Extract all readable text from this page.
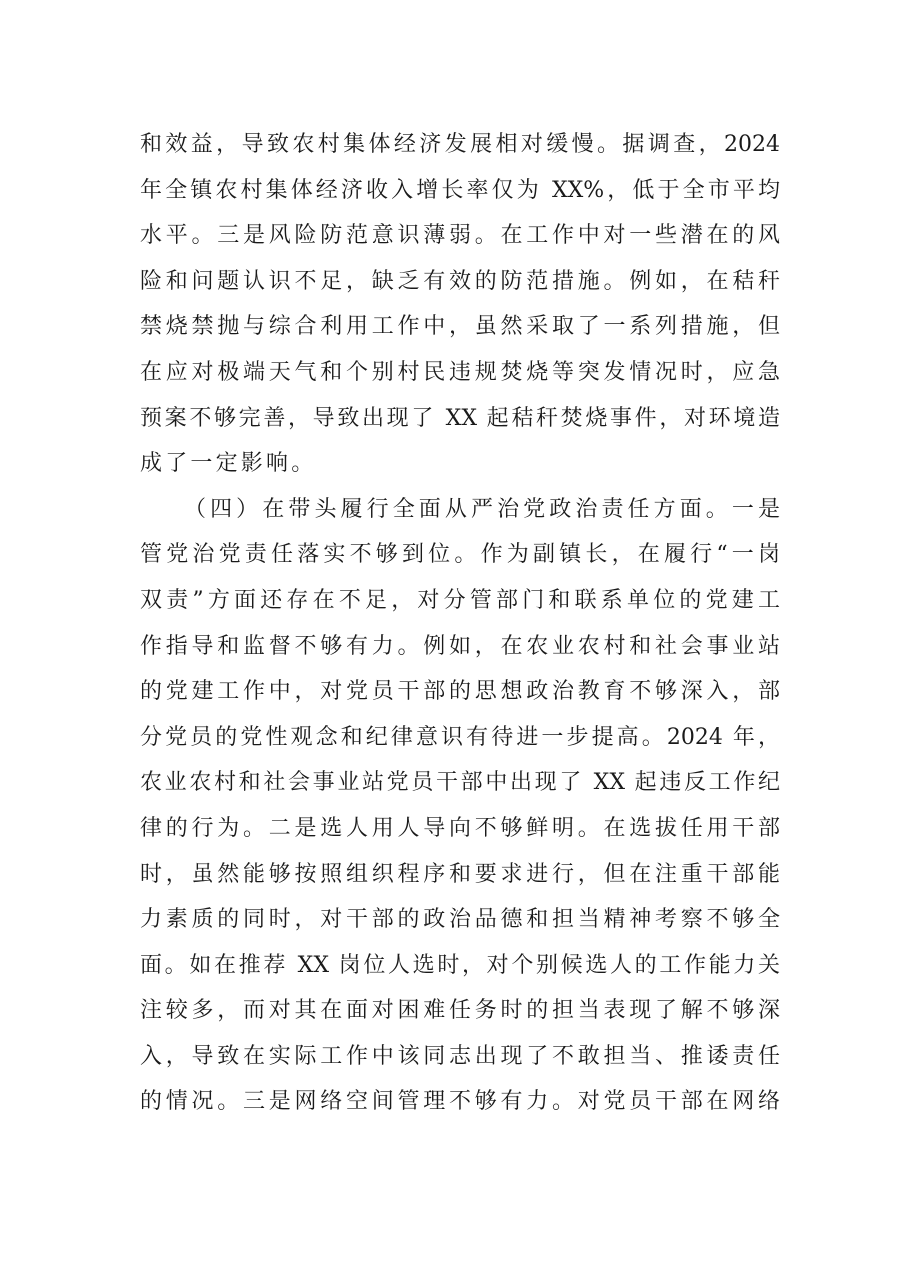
和效益，导致农村集体经济发展相对缓慢。据调查，2024
年全镇农村集体经济收入增长率仅为 XX%，低于全市平均
水平。三是风险防范意识薄弱。在工作中对一些潜在的风
险和问题认识不足，缺乏有效的防范措施。例如，在秸秆
禁烧禁抛与综合利用工作中，虽然采取了一系列措施，但
在应对极端天气和个别村民违规焚烧等突发情况时，应急
预案不够完善，导致出现了 XX 起秸秆焚烧事件，对环境造
成了一定影响。
（四）在带头履行全面从严治党政治责任方面。一是
管党治党责任落实不够到位。作为副镇长，在履行“一岗
双责”方面还存在不足，对分管部门和联系单位的党建工
作指导和监督不够有力。例如，在农业农村和社会事业站
的党建工作中，对党员干部的思想政治教育不够深入，部
分党员的党性观念和纪律意识有待进一步提高。2024 年，
农业农村和社会事业站党员干部中出现了 XX 起违反工作纪
律的行为。二是选人用人导向不够鲜明。在选拔任用干部
时，虽然能够按照组织程序和要求进行，但在注重干部能
力素质的同时，对干部的政治品德和担当精神考察不够全
面。如在推荐 XX 岗位人选时，对个别候选人的工作能力关
注较多，而对其在面对困难任务时的担当表现了解不够深
入，导致在实际工作中该同志出现了不敢担当、推诿责任
的情况。三是网络空间管理不够有力。对党员干部在网络
